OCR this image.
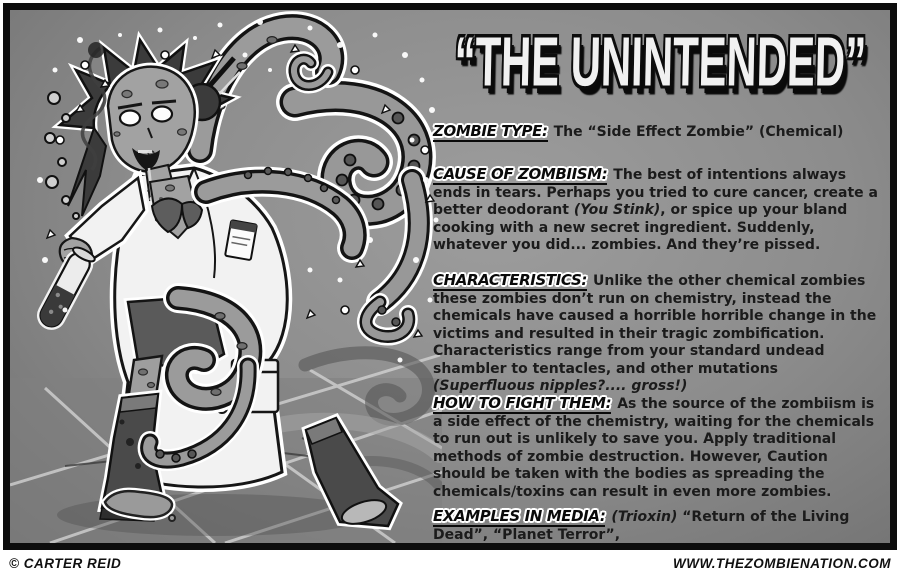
“THE UNINTENDED”

ZOMBIE TYPE: The “Side Effect Zombie” (Chemical)

CAUSE OF ZOMBIISM: The best of intentions always ends in tears. Perhaps you tried to cure cancer, create a better deodorant (You Stink), or spice up your bland cooking with a new secret ingredient. Suddenly, whatever you did... zombies. And they’re pissed.

CHARACTERISTICS: Unlike the other chemical zombies these zombies don’t run on chemistry, instead the chemicals have caused a horrible horrible change in the victims and resulted in their tragic zombification. Characteristics range from your standard undead shambler to tentacles, and other mutations (Superfluous nipples?.... gross!)

HOW TO FIGHT THEM: As the source of the zombiism is a side effect of the chemistry, waiting for the chemicals to run out is unlikely to save you. Apply traditional methods of zombie destruction. However, Caution should be taken with the bodies as spreading the chemicals/toxins can result in even more zombies.

EXAMPLES IN MEDIA: (Trioxin) “Return of the Living Dead”, “Planet Terror”,

© CARTER REID	WWW.THEZOMBIENATION.COM
